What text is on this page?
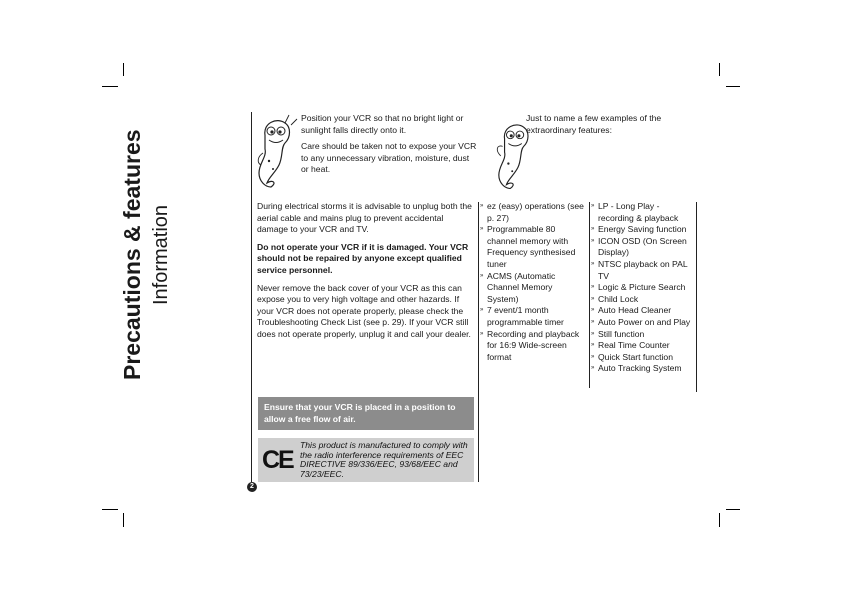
Precautions & features Information
Position your VCR so that no bright light or sunlight falls directly onto it.
Care should be taken not to expose your VCR to any unnecessary vibration, moisture, dust or heat.

During electrical storms it is advisable to unplug both the aerial cable and mains plug to prevent accidental damage to your VCR and TV.

Do not operate your VCR if it is damaged. Your VCR should not be repaired by anyone except qualified service personnel.

Never remove the back cover of your VCR as this can expose you to very high voltage and other hazards. If your VCR does not operate properly, please check the Troubleshooting Check List (see p. 29). If your VCR still does not operate properly, unplug it and call your dealer.

Ensure that your VCR is placed in a position to allow a free flow of air.
CE
This product is manufactured to comply with the radio interference requirements of EEC DIRECTIVE 89/336/EEC, 93/68/EEC and 73/23/EEC.
2
Just to name a few examples of the extraordinary features:
» ez (easy) operations (see p. 27)
» Programmable 80 channel memory with Frequency synthesised tuner
» ACMS (Automatic Channel Memory System)
» 7 event/1 month programmable timer
» Recording and playback for 16:9 Wide-screen format
» LP - Long Play - recording & playback
» Energy Saving function
» ICON OSD (On Screen Display)
» NTSC playback on PAL TV
» Logic & Picture Search
» Child Lock
» Auto Head Cleaner
» Auto Power on and Play
» Still function
» Real Time Counter
» Quick Start function
» Auto Tracking System
